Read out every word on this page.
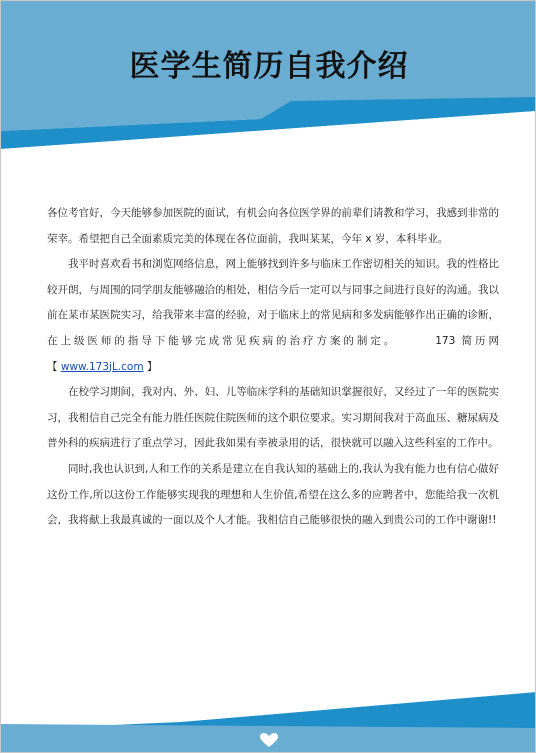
医学生简历自我介绍

各位考官好，今天能够参加医院的面试，有机会向各位医学界的前辈们请教和学习，我感到非常的荣幸。希望把自己全面素质完美的体现在各位面前，我叫某某，今年 x 岁，本科毕业。

我平时喜欢看书和浏览网络信息，网上能够找到许多与临床工作密切相关的知识。我的性格比较开朗，与周围的同学朋友能够融洽的相处，相信今后一定可以与同事之间进行良好的沟通。我以前在某市某医院实习，给我带来丰富的经验，对于临床上的常见病和多发病能够作出正确的诊断，在上级医师的指导下能够完成常见疾病的治疗方案的制定。	173 简历网【 www.173jL.com 】

在校学习期间，我对内、外、妇、儿等临床学科的基础知识掌握很好，又经过了一年的医院实习，我相信自己完全有能力胜任医院住院医师的这个职位要求。实习期间我对于高血压、糖尿病及普外科的疾病进行了重点学习，因此我如果有幸被录用的话，很快就可以融入这些科室的工作中。

同时,我也认识到,人和工作的关系是建立在自我认知的基础上的,我认为我有能力也有信心做好这份工作,所以这份工作能够实现我的理想和人生价值,希望在这么多的应聘者中，您能给我一次机会，我将献上我最真诚的一面以及个人才能。我相信自己能够很快的融入到贵公司的工作中谢谢!!
